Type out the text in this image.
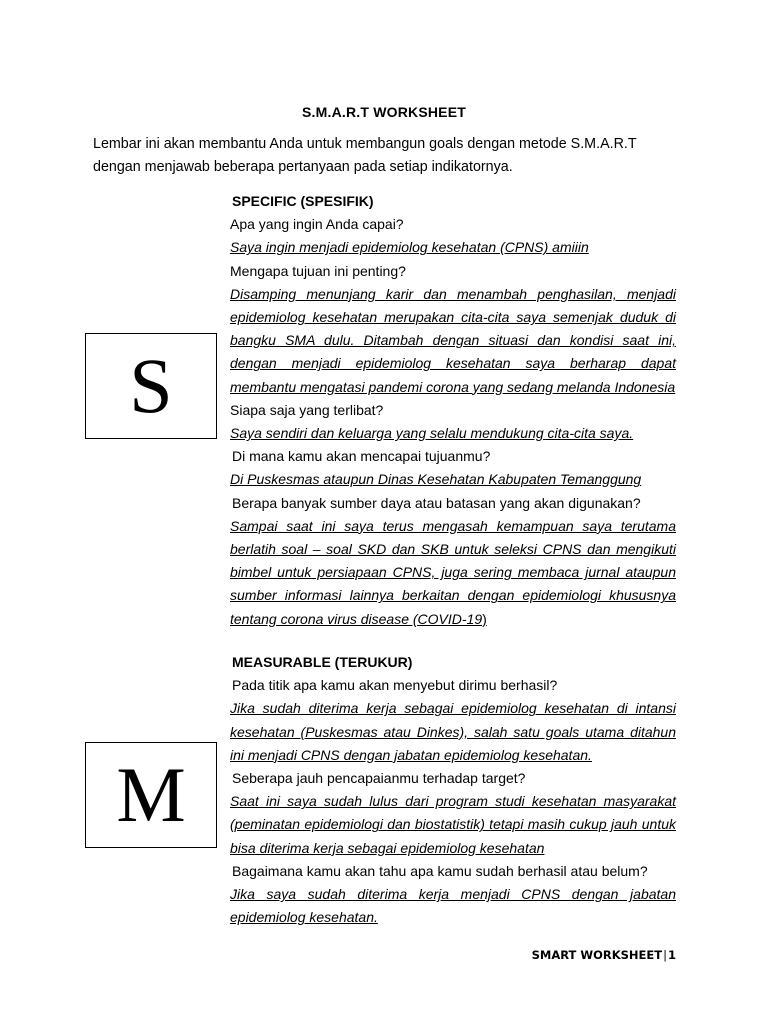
S.M.A.R.T WORKSHEET

Lembar ini akan membantu Anda untuk membangun goals dengan metode S.M.A.R.T dengan menjawab beberapa pertanyaan pada setiap indikatornya.

S
SPECIFIC (SPESIFIK)
Apa yang ingin Anda capai?

Saya ingin menjadi epidemiolog kesehatan (CPNS) amiiin

Mengapa tujuan ini penting?

Disamping menunjang karir dan menambah penghasilan, menjadi epidemiolog kesehatan merupakan cita-cita saya semenjak duduk di bangku SMA dulu. Ditambah dengan situasi dan kondisi saat ini, dengan menjadi epidemiolog kesehatan saya berharap dapat membantu mengatasi pandemi corona yang sedang melanda Indonesia

Siapa saja yang terlibat?

Saya sendiri dan keluarga yang selalu mendukung cita-cita saya.

Di mana kamu akan mencapai tujuanmu?

Di Puskesmas ataupun Dinas Kesehatan Kabupaten Temanggung

Berapa banyak sumber daya atau batasan yang akan digunakan?

Sampai saat ini saya terus mengasah kemampuan saya terutama berlatih soal – soal SKD dan SKB untuk seleksi CPNS dan mengikuti bimbel untuk persiapaan CPNS, juga sering membaca jurnal ataupun sumber informasi lainnya berkaitan dengan epidemiologi khususnya tentang corona virus disease (COVID-19)

M
MEASURABLE (TERUKUR)
Pada titik apa kamu akan menyebut dirimu berhasil?

Jika sudah diterima kerja sebagai epidemiolog kesehatan di intansi kesehatan (Puskesmas atau Dinkes), salah satu goals utama ditahun ini menjadi CPNS dengan jabatan epidemiolog kesehatan.

Seberapa jauh pencapaianmu terhadap target?

Saat ini saya sudah lulus dari program studi kesehatan masyarakat (peminatan epidemiologi dan biostatistik) tetapi masih cukup jauh untuk bisa diterima kerja sebagai epidemiolog kesehatan

Bagaimana kamu akan tahu apa kamu sudah berhasil atau belum?

Jika saya sudah diterima kerja menjadi CPNS dengan jabatan epidemiolog kesehatan.

SMART WORKSHEET|1
